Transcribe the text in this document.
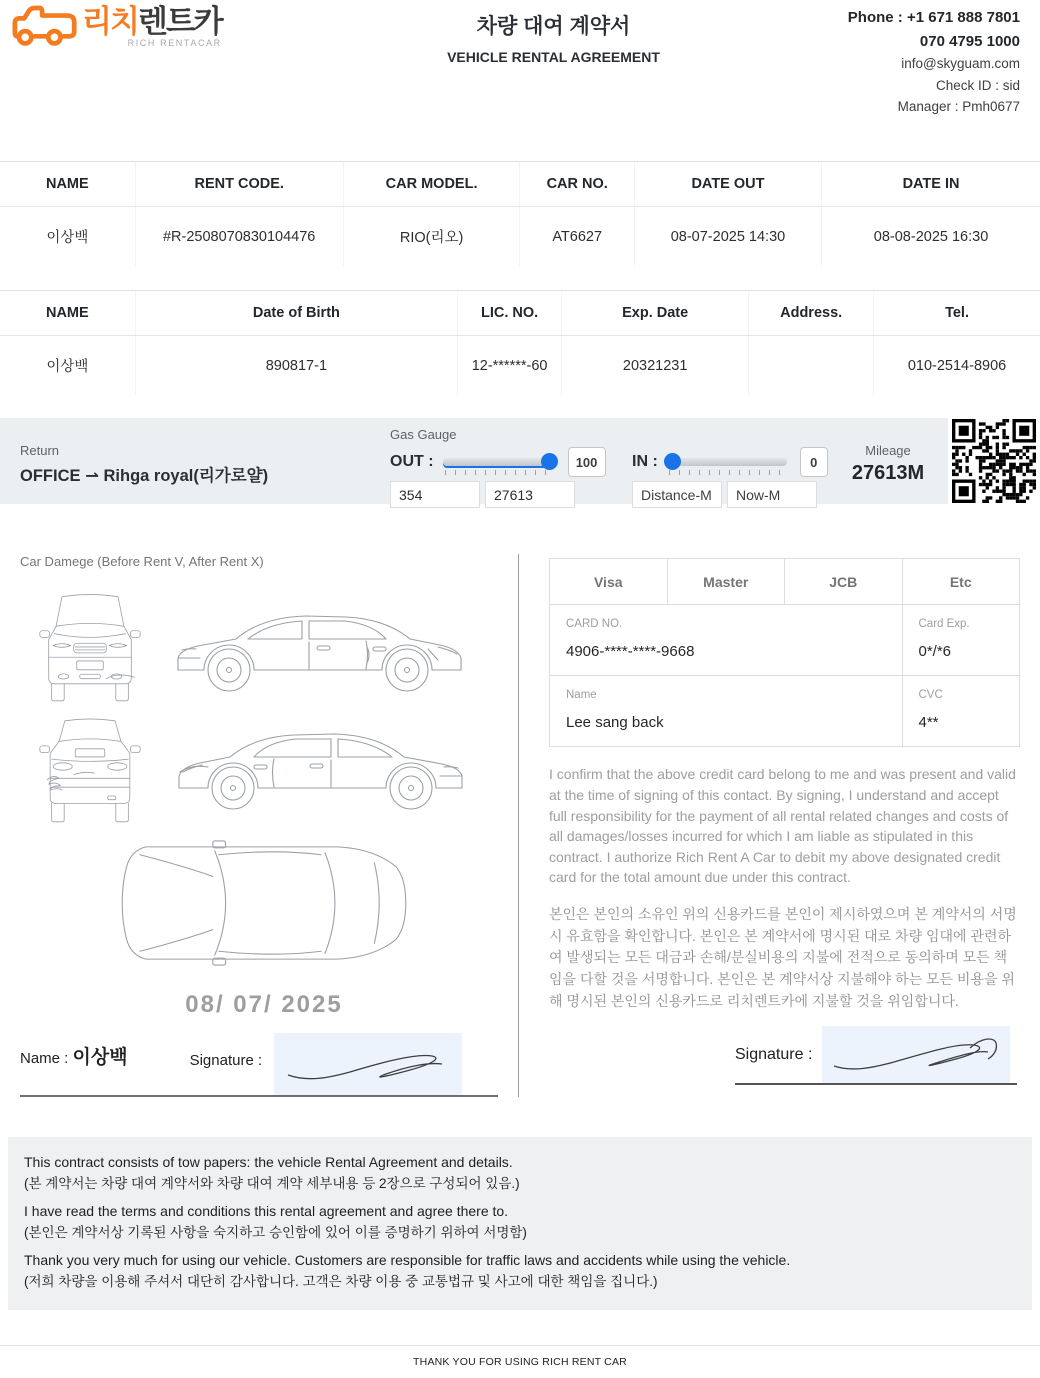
리치렌트카
RICH RENTACAR
차량 대여 계약서
VEHICLE RENTAL AGREEMENT
Phone : +1 671 888 7801
070 4795 1000
info@skyguam.com
Check ID : sid
Manager : Pmh0677
NAME	RENT CODE.	CAR MODEL.	CAR NO.	DATE OUT	DATE IN
이상백	#R-2508070830104476	RIO(리오)	AT6627	08-07-2025 14:30	08-08-2025 16:30
NAME	Date of Birth	LIC. NO.	Exp. Date	Address.	Tel.
이상백	890817-1	12-******-60	20321231		010-2514-8906
Return
OFFICE ⇀ Rihga royal(리가로얄)
Gas Gauge
OUT :	100
354
27613	IN :	0
Distance-M
Now-M
Mileage
27613M
Car Damege (Before Rent V, After Rent X)
08/ 07/ 2025
Name : 이상백	Signature :
Visa	Master	JCB	Etc

CARD NO.
4906-****-****-9668

Card Exp.
0*/*6

Name
Lee sang back

CVC
4**

I confirm that the above credit card belong to me and was present and valid at the time of signing of this contact. By signing, I understand and accept full responsibility for the payment of all rental related changes and costs of all damages/losses incurred for which I am liable as stipulated in this contract. I authorize Rich Rent A Car to debit my above designated credit card for the total amount due under this contract.

본인은 본인의 소유인 위의 신용카드를 본인이 제시하였으며 본 계약서의 서명시 유효함을 확인합니다. 본인은 본 계약서에 명시된 대로 차량 임대에 관련하여 발생되는 모든 대금과 손해/분실비용의 지불에 전적으로 동의하며 모든 책임을 다할 것을 서명합니다. 본인은 본 계약서상 지불해야 하는 모든 비용을 위해 명시된 본인의 신용카드로 리치렌트카에 지불할 것을 위임합니다.

Signature :
This contract consists of tow papers: the vehicle Rental Agreement and details.
(본 계약서는 차량 대여 계약서와 차량 대여 계약 세부내용 등 2장으로 구성되어 있음.)
I have read the terms and conditions this rental agreement and agree there to.
(본인은 계약서상 기록된 사항을 숙지하고 승인함에 있어 이를 증명하기 위하여 서명함)
Thank you very much for using our vehicle. Customers are responsible for traffic laws and accidents while using the vehicle.
(저희 차량을 이용해 주셔서 대단히 감사합니다. 고객은 차량 이용 중 교통법규 및 사고에 대한 책임을 집니다.)
THANK YOU FOR USING RICH RENT CAR
